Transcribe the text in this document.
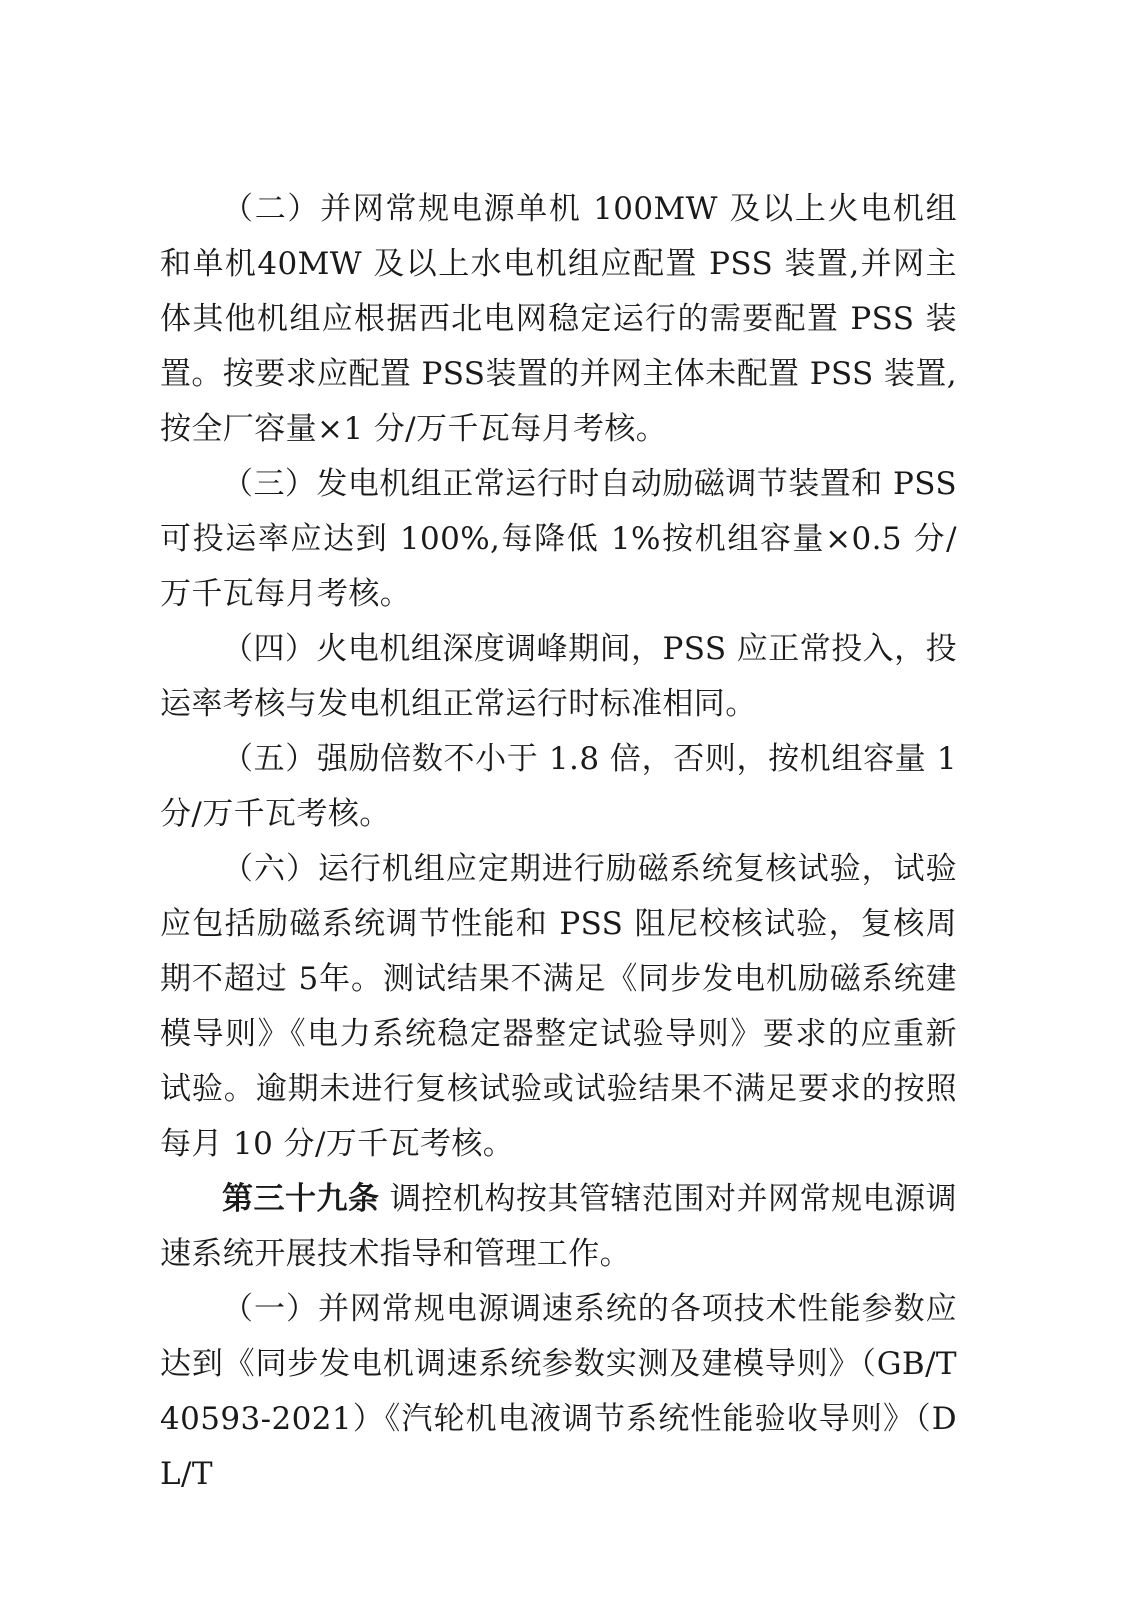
（二）并网常规电源单机 100MW 及以上火电机组和单机40MW 及以上水电机组应配置 PSS 装置,并网主体其他机组应根据西北电网稳定运行的需要配置 PSS 装置。按要求应配置 PSS装置的并网主体未配置 PSS 装置,按全厂容量×1 分/万千瓦每月考核。

（三）发电机组正常运行时自动励磁调节装置和 PSS 可投运率应达到 100%,每降低 1%按机组容量×0.5 分/万千瓦每月考核。

（四）火电机组深度调峰期间，PSS 应正常投入，投运率考核与发电机组正常运行时标准相同。

（五）强励倍数不小于 1.8 倍，否则，按机组容量 1 分/万千瓦考核。

（六）运行机组应定期进行励磁系统复核试验，试验应包括励磁系统调节性能和 PSS 阻尼校核试验，复核周期不超过 5年。测试结果不满足《同步发电机励磁系统建模导则》《电力系统稳定器整定试验导则》要求的应重新试验。逾期未进行复核试验或试验结果不满足要求的按照每月 10 分/万千瓦考核。

第三十九条 调控机构按其管辖范围对并网常规电源调速系统开展技术指导和管理工作。

（一）并网常规电源调速系统的各项技术性能参数应达到《同步发电机调速系统参数实测及建模导则》（GB/T 40593-2021）《汽轮机电液调节系统性能验收导则》（DL/T
